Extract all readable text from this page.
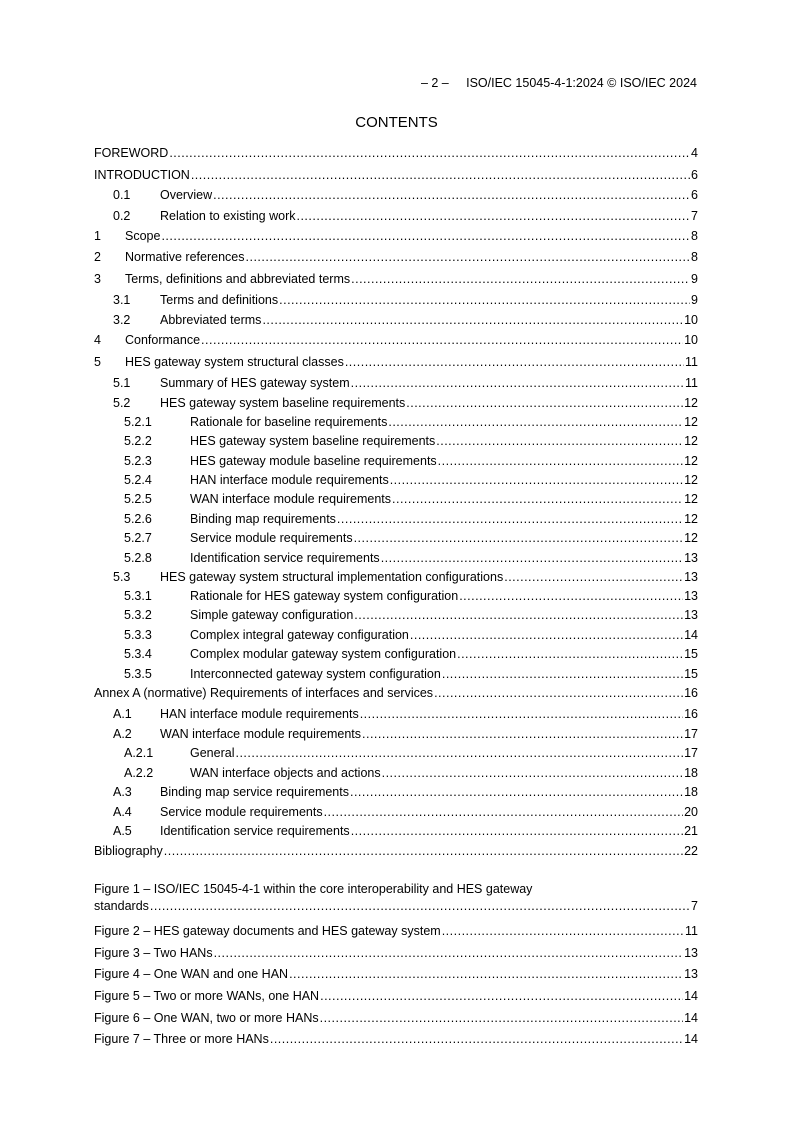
– 2 –     ISO/IEC 15045-4-1:2024 © ISO/IEC 2024
CONTENTS
FOREWORD .....	4
INTRODUCTION .....	6
0.1	Overview .....	6
0.2	Relation to existing work .....	7
1	Scope .....	8
2	Normative references .....	8
3	Terms, definitions and abbreviated terms .....	9
3.1	Terms and definitions .....	9
3.2	Abbreviated terms .....	10
4	Conformance .....	10
5	HES gateway system structural classes .....	11
5.1	Summary of HES gateway system .....	11
5.2	HES gateway system baseline requirements .....	12
5.2.1	Rationale for baseline requirements .....	12
5.2.2	HES gateway system baseline requirements .....	12
5.2.3	HES gateway module baseline requirements .....	12
5.2.4	HAN interface module requirements .....	12
5.2.5	WAN interface module requirements .....	12
5.2.6	Binding map requirements .....	12
5.2.7	Service module requirements .....	12
5.2.8	Identification service requirements .....	13
5.3	HES gateway system structural implementation configurations .....	13
5.3.1	Rationale for HES gateway system configuration .....	13
5.3.2	Simple gateway configuration .....	13
5.3.3	Complex integral gateway configuration .....	14
5.3.4	Complex modular gateway system configuration .....	15
5.3.5	Interconnected gateway system configuration .....	15
Annex A (normative) Requirements of interfaces and services .....	16
A.1	HAN interface module requirements .....	16
A.2	WAN interface module requirements .....	17
A.2.1	General .....	17
A.2.2	WAN interface objects and actions .....	18
A.3	Binding map service requirements .....	18
A.4	Service module requirements .....	20
A.5	Identification service requirements .....	21
Bibliography .....	22
Figure 1 – ISO/IEC 15045-4-1 within the core interoperability and HES gateway
standards .....	7
Figure 2 – HES gateway documents and HES gateway system .....	11
Figure 3 – Two HANs .....	13
Figure 4 – One WAN and one HAN .....	13
Figure 5 – Two or more WANs, one HAN .....	14
Figure 6 – One WAN, two or more HANs .....	14
Figure 7 – Three or more HANs .....	14
